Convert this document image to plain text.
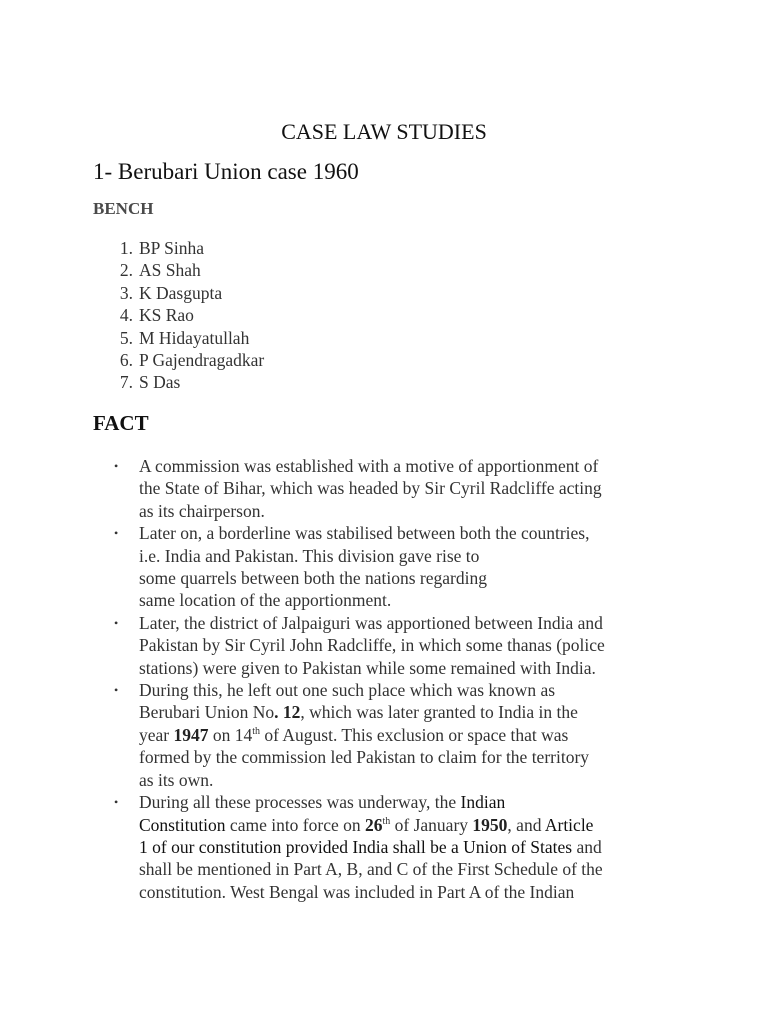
CASE LAW STUDIES
1- Berubari Union case 1960
BENCH
1. BP Sinha
2. AS Shah
3. K Dasgupta
4. KS Rao
5. M Hidayatullah
6. P Gajendragadkar
7. S Das
FACT
• A commission was established with a motive of apportionment of
the State of Bihar, which was headed by Sir Cyril Radcliffe acting
as its chairperson.
• Later on, a borderline was stabilised between both the countries,
i.e. India and Pakistan. This division gave rise to
some quarrels between both the nations regarding
same location of the apportionment.
• Later, the district of Jalpaiguri was apportioned between India and
Pakistan by Sir Cyril John Radcliffe, in which some thanas (police
stations) were given to Pakistan while some remained with India.
• During this, he left out one such place which was known as
Berubari Union No. 12, which was later granted to India in the
year 1947 on 14th of August. This exclusion or space that was
formed by the commission led Pakistan to claim for the territory
as its own.
• During all these processes was underway, the Indian
Constitution came into force on 26th of January 1950, and Article
1 of our constitution provided India shall be a Union of States and
shall be mentioned in Part A, B, and C of the First Schedule of the
constitution. West Bengal was included in Part A of the Indian
